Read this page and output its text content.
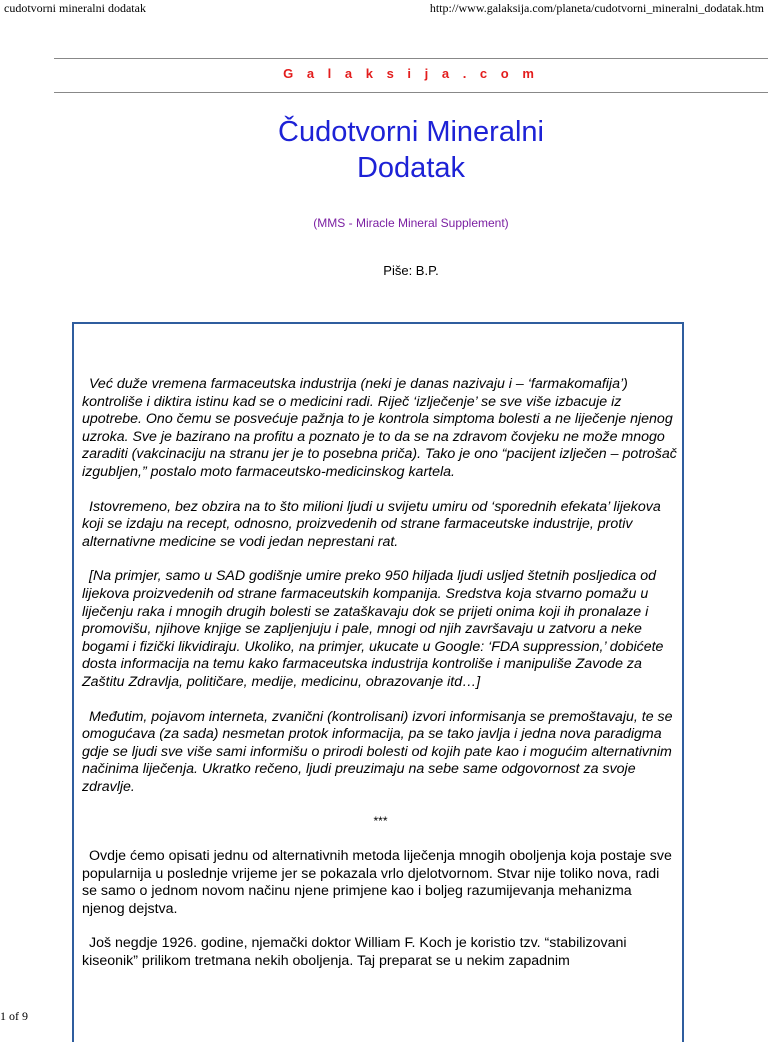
cudotvorni mineralni dodatak	http://www.galaksija.com/planeta/cudotvorni_mineralni_dodatak.htm
G a l a k s i j a . c o m
Čudotvorni Mineralni
Dodatak
(MMS - Miracle Mineral Supplement)
Piše: B.P.

Već duže vremena farmaceutska industrija (neki je danas nazivaju i – ‘farmakomafija’) kontroliše i diktira istinu kad se o medicini radi. Riječ ‘izlječenje’ se sve više izbacuje iz upotrebe. Ono čemu se posvećuje pažnja to je kontrola simptoma bolesti a ne liječenje njenog uzroka. Sve je bazirano na profitu a poznato je to da se na zdravom čovjeku ne može mnogo zaraditi (vakcinaciju na stranu jer je to posebna priča). Tako je ono “pacijent izlječen – potrošač izgubljen,” postalo moto farmaceutsko-medicinskog kartela.

Istovremeno, bez obzira na to što milioni ljudi u svijetu umiru od ‘sporednih efekata’ lijekova koji se izdaju na recept, odnosno, proizvedenih od strane farmaceutske industrije, protiv alternativne medicine se vodi jedan neprestani rat.

[Na primjer, samo u SAD godišnje umire preko 950 hiljada ljudi usljed štetnih posljedica od lijekova proizvedenih od strane farmaceutskih kompanija. Sredstva koja stvarno pomažu u liječenju raka i mnogih drugih bolesti se zataškavaju dok se prijeti onima koji ih pronalaze i promovišu, njihove knjige se zapljenjuju i pale, mnogi od njih završavaju u zatvoru a neke bogami i fizički likvidiraju. Ukoliko, na primjer, ukucate u Google: ‘FDA suppression,’ dobićete dosta informacija na temu kako farmaceutska industrija kontroliše i manipuliše Zavode za Zaštitu Zdravlja, političare, medije, medicinu, obrazovanje itd…]

Međutim, pojavom interneta, zvanični (kontrolisani) izvori informisanja se premoštavaju, te se omogućava (za sada) nesmetan protok informacija, pa se tako javlja i jedna nova paradigma gdje se ljudi sve više sami informišu o prirodi bolesti od kojih pate kao i mogućim alternativnim načinima liječenja. Ukratko rečeno, ljudi preuzimaju na sebe same odgovornost za svoje zdravlje.

***

Ovdje ćemo opisati jednu od alternativnih metoda liječenja mnogih oboljenja koja postaje sve popularnija u poslednje vrijeme jer se pokazala vrlo djelotvornom. Stvar nije toliko nova, radi se samo o jednom novom načinu njene primjene kao i boljeg razumijevanja mehanizma njenog dejstva.

Još negdje 1926. godine, njemački doktor William F. Koch je koristio tzv. “stabilizovani kiseonik” prilikom tretmana nekih oboljenja. Taj preparat se u nekim zapadnim

1 of 9
